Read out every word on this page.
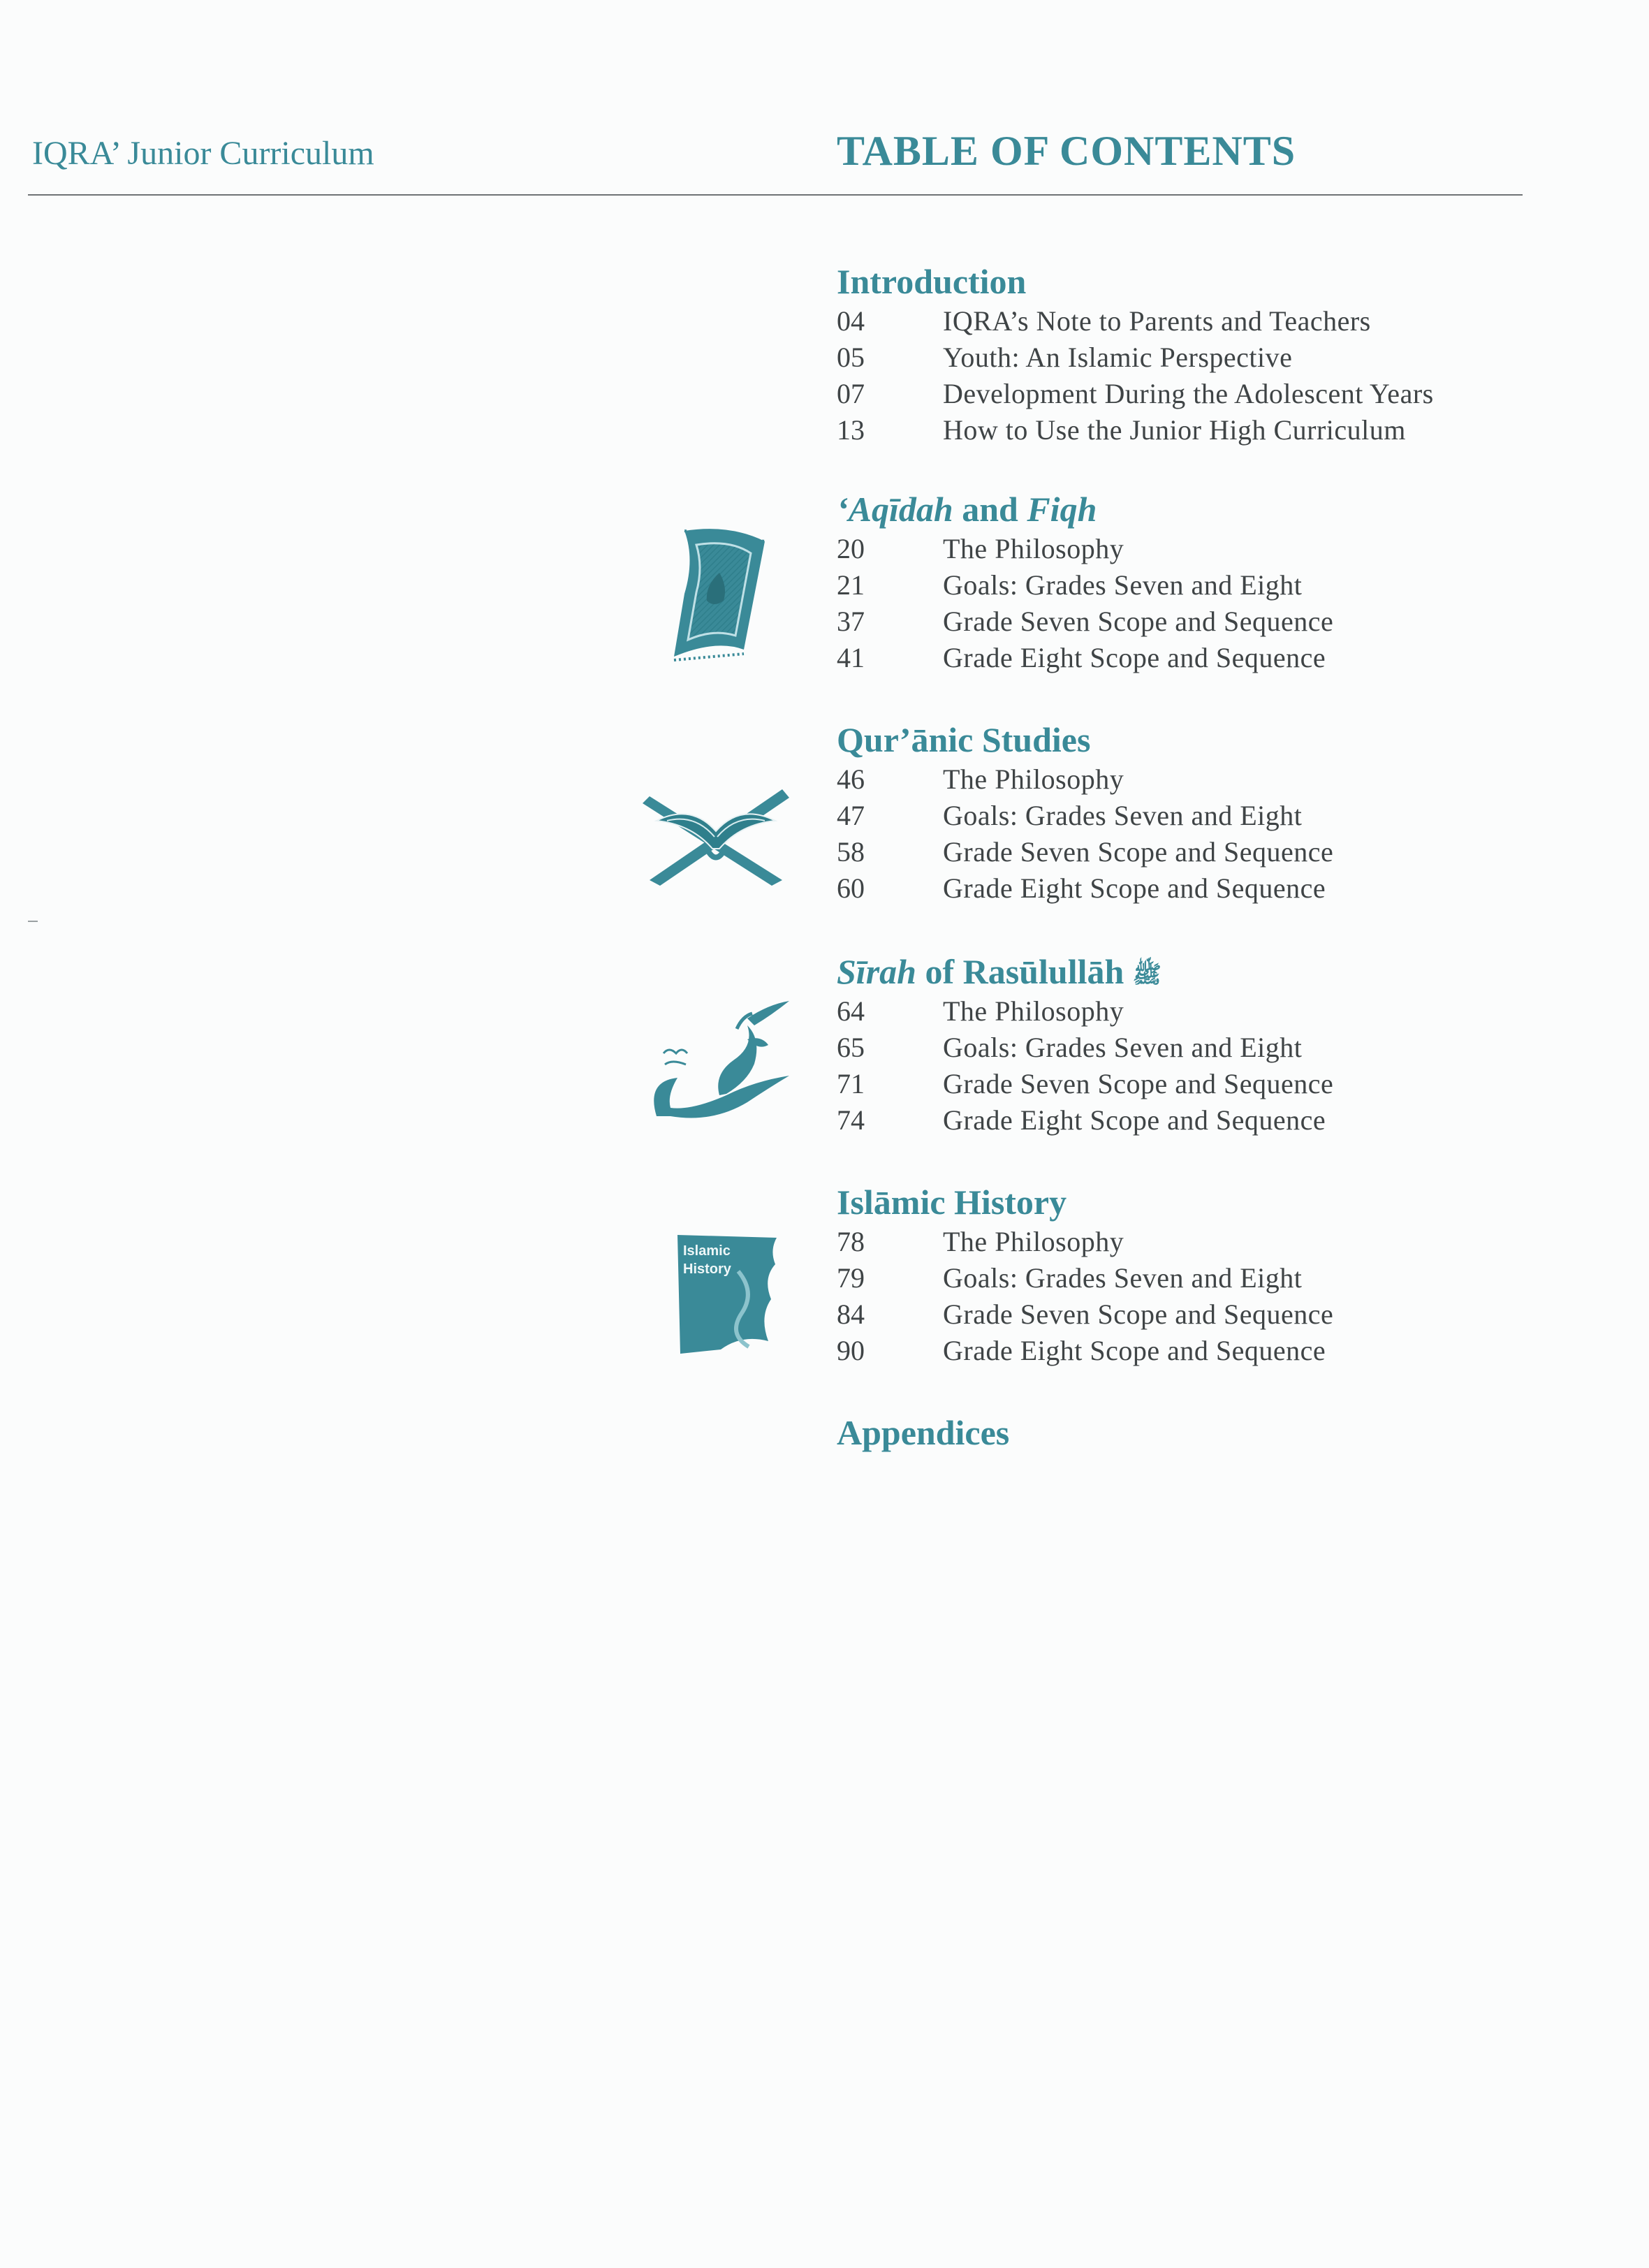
IQRA’ Junior Curriculum	TABLE OF CONTENTS
Introduction
04	IQRA’s Note to Parents and Teachers
05	Youth: An Islamic Perspective
07	Development During the Adolescent Years
13	How to Use the Junior High Curriculum
‘Aqīdah and Fiqh
20	The Philosophy
21	Goals: Grades Seven and Eight
37	Grade Seven Scope and Sequence
41	Grade Eight Scope and Sequence
Qur’ānic Studies
46	The Philosophy
47	Goals: Grades Seven and Eight
58	Grade Seven Scope and Sequence
60	Grade Eight Scope and Sequence
Sīrah of Rasūlullāh ﷺ
64	The Philosophy
65	Goals: Grades Seven and Eight
71	Grade Seven Scope and Sequence
74	Grade Eight Scope and Sequence
Islāmic History
78	The Philosophy
79	Goals: Grades Seven and Eight
84	Grade Seven Scope and Sequence
90	Grade Eight Scope and Sequence
Appendices
Islamic
History
